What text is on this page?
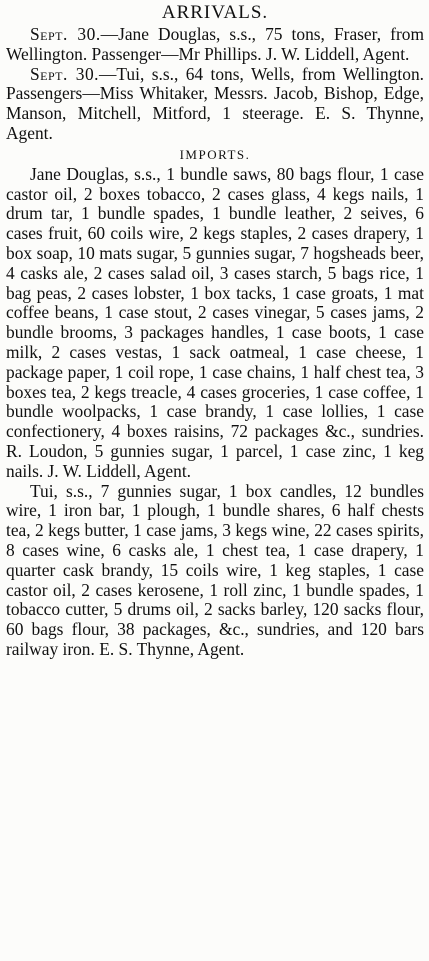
ARRIVALS.

Sept. 30.—Jane Douglas, s.s., 75 tons, Fraser, from Wellington. Passenger—Mr Phillips. J. W. Liddell, Agent.

Sept. 30.—Tui, s.s., 64 tons, Wells, from Wellington. Passengers—Miss Whitaker, Messrs. Jacob, Bishop, Edge, Manson, Mitchell, Mitford, 1 steerage. E. S. Thynne, Agent.

IMPORTS.

Jane Douglas, s.s., 1 bundle saws, 80 bags flour, 1 case castor oil, 2 boxes tobacco, 2 cases glass, 4 kegs nails, 1 drum tar, 1 bundle spades, 1 bundle leather, 2 seives, 6 cases fruit, 60 coils wire, 2 kegs staples, 2 cases drapery, 1 box soap, 10 mats sugar, 5 gunnies sugar, 7 hogsheads beer, 4 casks ale, 2 cases salad oil, 3 cases starch, 5 bags rice, 1 bag peas, 2 cases lobster, 1 box tacks, 1 case groats, 1 mat coffee beans, 1 case stout, 2 cases vinegar, 5 cases jams, 2 bundle brooms, 3 packages handles, 1 case boots, 1 case milk, 2 cases vestas, 1 sack oatmeal, 1 case cheese, 1 package paper, 1 coil rope, 1 case chains, 1 half chest tea, 3 boxes tea, 2 kegs treacle, 4 cases groceries, 1 case coffee, 1 bundle woolpacks, 1 case brandy, 1 case lollies, 1 case confectionery, 4 boxes raisins, 72 packages &c., sundries. R. Loudon, 5 gunnies sugar, 1 parcel, 1 case zinc, 1 keg nails. J. W. Liddell, Agent.

Tui, s.s., 7 gunnies sugar, 1 box candles, 12 bundles wire, 1 iron bar, 1 plough, 1 bundle shares, 6 half chests tea, 2 kegs butter, 1 case jams, 3 kegs wine, 22 cases spirits, 8 cases wine, 6 casks ale, 1 chest tea, 1 case drapery, 1 quarter cask brandy, 15 coils wire, 1 keg staples, 1 case castor oil, 2 cases kerosene, 1 roll zinc, 1 bundle spades, 1 tobacco cutter, 5 drums oil, 2 sacks barley, 120 sacks flour, 60 bags flour, 38 packages, &c., sundries, and 120 bars railway iron. E. S. Thynne, Agent.
